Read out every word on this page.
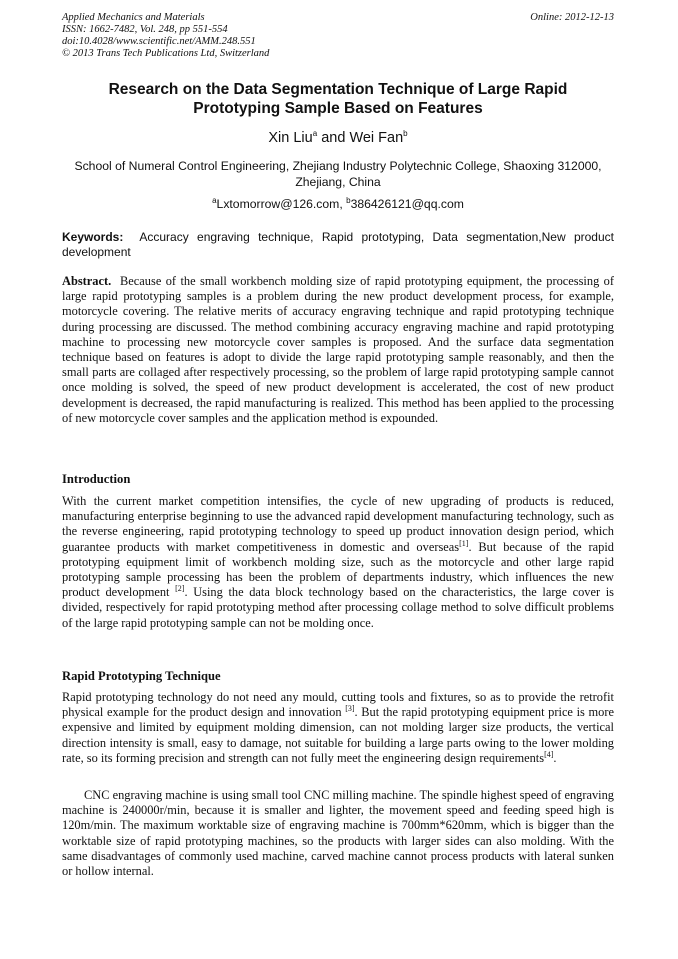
Applied Mechanics and Materials
ISSN: 1662-7482, Vol. 248, pp 551-554
doi:10.4028/www.scientific.net/AMM.248.551
© 2013 Trans Tech Publications Ltd, Switzerland
Online: 2012-12-13
Research on the Data Segmentation Technique of Large Rapid
Prototyping Sample Based on Features
Xin Liu$^a$ and Wei Fan$^b$
School of Numeral Control Engineering, Zhejiang Industry Polytechnic College, Shaoxing 312000,
Zhejiang, China
$^a$Lxtomorrow@126.com, $^b$386426121@qq.com
Keywords: Accuracy engraving technique, Rapid prototyping, Data segmentation,New product development
Abstract. Because of the small workbench molding size of rapid prototyping equipment, the processing of large rapid prototyping samples is a problem during the new product development process, for example, motorcycle covering. The relative merits of accuracy engraving technique and rapid prototyping technique during processing are discussed. The method combining accuracy engraving machine and rapid prototyping machine to processing new motorcycle cover samples is proposed. And the surface data segmentation technique based on features is adopt to divide the large rapid prototyping sample reasonably, and then the small parts are collaged after respectively processing, so the problem of large rapid prototyping sample cannot once molding is solved, the speed of new product development is accelerated, the cost of new product development is decreased, the rapid manufacturing is realized. This method has been applied to the processing of new motorcycle cover samples and the application method is expounded.
Introduction
With the current market competition intensifies, the cycle of new upgrading of products is reduced, manufacturing enterprise beginning to use the advanced rapid development manufacturing technology, such as the reverse engineering, rapid prototyping technology to speed up product innovation design period, which guarantee products with market competitiveness in domestic and overseas[1]. But because of the rapid prototyping equipment limit of workbench molding size, such as the motorcycle and other large rapid prototyping sample processing has been the problem of departments industry, which influences the new product development [2]. Using the data block technology based on the characteristics, the large cover is divided, respectively for rapid prototyping method after processing collage method to solve difficult problems of the large rapid prototyping sample can not be molding once.
Rapid Prototyping Technique
Rapid prototyping technology do not need any mould, cutting tools and fixtures, so as to provide the retrofit physical example for the product design and innovation [3]. But the rapid prototyping equipment price is more expensive and limited by equipment molding dimension, can not molding larger size products, the vertical direction intensity is small, easy to damage, not suitable for building a large parts owing to the lower molding rate, so its forming precision and strength can not fully meet the engineering design requirements[4].
CNC engraving machine is using small tool CNC milling machine. The spindle highest speed of engraving machine is 240000r/min, because it is smaller and lighter, the movement speed and feeding speed high is 120m/min. The maximum worktable size of engraving machine is 700mm*620mm, which is bigger than the worktable size of rapid prototyping machines, so the products with larger sides can also molding. With the same disadvantages of commonly used machine, carved machine cannot process products with lateral sunken or hollow internal.
